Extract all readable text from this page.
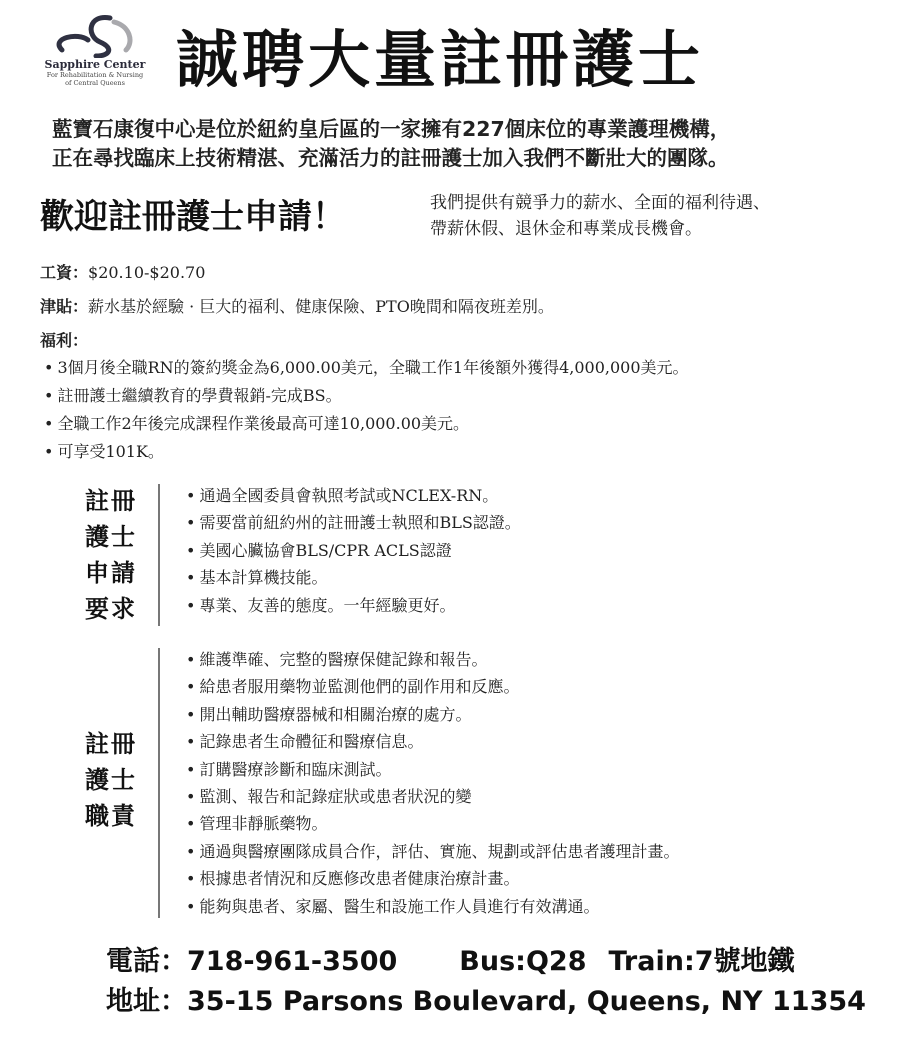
Sapphire Center
For Rehabilitation & Nursing
of Central Queens 誠聘大量註冊護士
藍寶石康復中心是位於紐約皇后區的一家擁有227個床位的專業護理機構，
正在尋找臨床上技術精湛、充滿活力的註冊護士加入我們不斷壯大的團隊。
歡迎註冊護士申請！	我們提供有競爭力的薪水、全面的福利待遇、
帶薪休假、退休金和專業成長機會。
工資：$20.10-$20.70
津貼：薪水基於經驗 · 巨大的福利、健康保險、PTO晚間和隔夜班差別。
福利：
• 3個月後全職RN的簽約獎金為6,000.00美元，全職工作1年後額外獲得4,000,000美元。
• 註冊護士繼續教育的學費報銷-完成BS。
• 全職工作2年後完成課程作業後最高可達10,000.00美元。
• 可享受101K。
註冊
護士
申請
要求
• 通過全國委員會執照考試或NCLEX-RN。
• 需要當前紐約州的註冊護士執照和BLS認證。
• 美國心臟協會BLS/CPR ACLS認證
• 基本計算機技能。
• 專業、友善的態度。一年經驗更好。
註冊
護士
職責
• 維護準確、完整的醫療保健記錄和報告。
• 給患者服用藥物並監測他們的副作用和反應。
• 開出輔助醫療器械和相關治療的處方。
• 記錄患者生命體征和醫療信息。
• 訂購醫療診斷和臨床測試。
• 監測、報告和記錄症狀或患者狀況的變
• 管理非靜脈藥物。
• 通過與醫療團隊成員合作，評估、實施、規劃或評估患者護理計畫。
• 根據患者情況和反應修改患者健康治療計畫。
• 能夠與患者、家屬、醫生和設施工作人員進行有效溝通。
電話：718-961-3500 Bus:Q28 Train:7號地鐵
地址：35-15 Parsons Boulevard, Queens, NY 11354
